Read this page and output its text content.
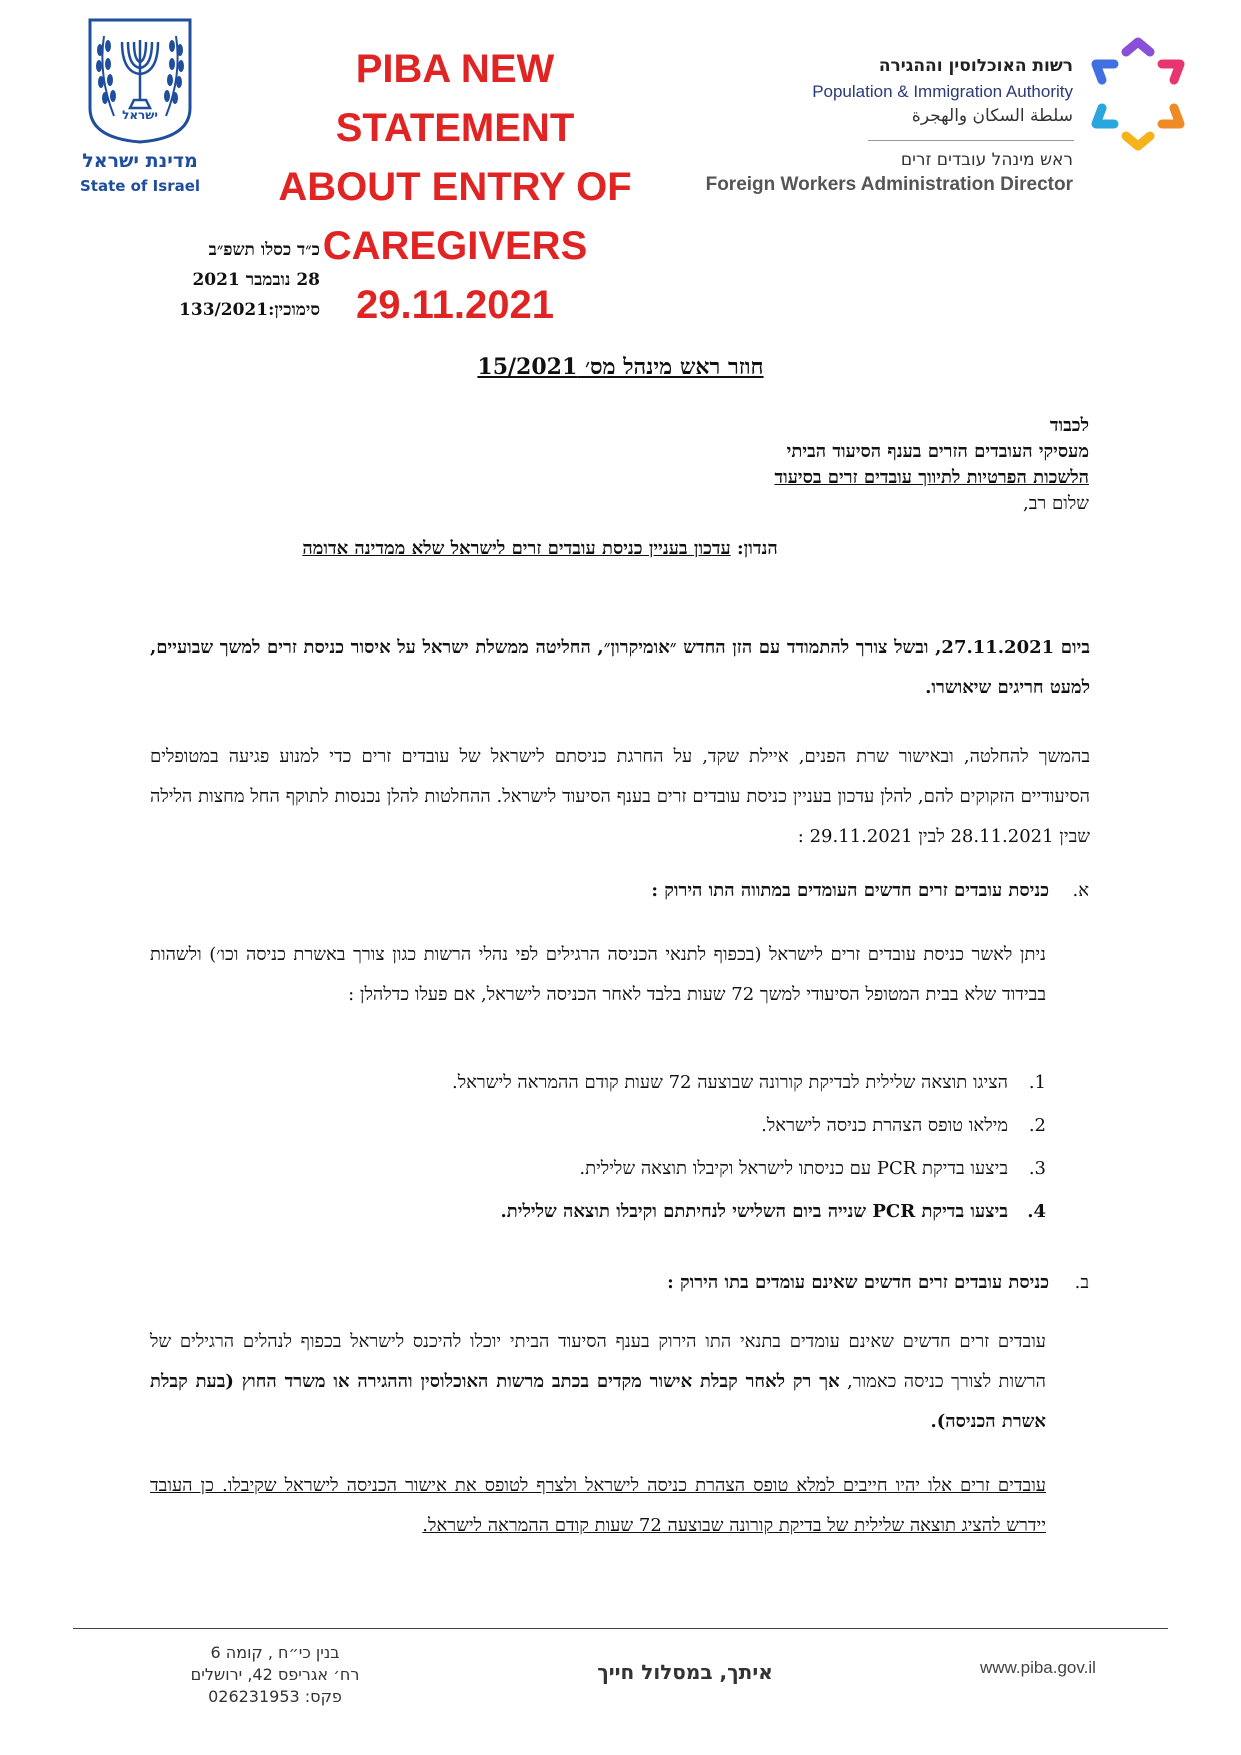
ישראל
מדינת ישראל
State of Israel
PIBA NEW
STATEMENT
ABOUT ENTRY OF
CAREGIVERS
29.11.2021
רשות האוכלוסין וההגירה
Population & Immigration Authority
سلطة السكان والهجرة
ראש מינהל עובדים זרים
Foreign Workers Administration Director
כ״ד כסלו תשפ״ב
28 נובמבר 2021
סימוכין:133/2021
חוזר ראש מינהל מס׳ 15/2021
לכבוד
מעסיקי העובדים הזרים בענף הסיעוד הביתי
הלשכות הפרטיות לתיווך עובדים זרים בסיעוד
שלום רב,
הנדון: עדכון בעניין כניסת עובדים זרים לישראל שלא ממדינה אדומה
ביום 27.11.2021, ובשל צורך להתמודד עם הזן החדש ״אומיקרון״, החליטה ממשלת ישראל על איסור כניסת זרים למשך שבועיים, למעט חריגים שיאושרו.
בהמשך להחלטה, ובאישור שרת הפנים, איילת שקד, על החרגת כניסתם לישראל של עובדים זרים כדי למנוע פגיעה במטופלים הסיעודיים הזקוקים להם, להלן עדכון בעניין כניסת עובדים זרים בענף הסיעוד לישראל. ההחלטות להלן נכנסות לתוקף החל מחצות הלילה שבין 28.11.2021 לבין 29.11.2021 :
א.כניסת עובדים זרים חדשים העומדים במתווה התו הירוק :
ניתן לאשר כניסת עובדים זרים לישראל (בכפוף לתנאי הכניסה הרגילים לפי נהלי הרשות כגון צורך באשרת כניסה וכו׳) ולשהות בבידוד שלא בבית המטופל הסיעודי למשך 72 שעות בלבד לאחר הכניסה לישראל, אם פעלו כדלהלן :
1.הציגו תוצאה שלילית לבדיקת קורונה שבוצעה 72 שעות קודם ההמראה לישראל.
2.מילאו טופס הצהרת כניסה לישראל.
3.ביצעו בדיקת PCR עם כניסתו לישראל וקיבלו תוצאה שלילית.
4.ביצעו בדיקת PCR שנייה ביום השלישי לנחיתתם וקיבלו תוצאה שלילית.
ב.כניסת עובדים זרים חדשים שאינם עומדים בתו הירוק :
עובדים זרים חדשים שאינם עומדים בתנאי התו הירוק בענף הסיעוד הביתי יוכלו להיכנס לישראל בכפוף לנהלים הרגילים של הרשות לצורך כניסה כאמור, אך רק לאחר קבלת אישור מקדים בכתב מרשות האוכלוסין וההגירה או משרד החוץ (בעת קבלת אשרת הכניסה).
עובדים זרים אלו יהיו חייבים למלא טופס הצהרת כניסה לישראל ולצרף לטופס את אישור הכניסה לישראל שקיבלו. כן העובד יידרש להציג תוצאה שלילית של בדיקת קורונה שבוצעה 72 שעות קודם ההמראה לישראל.
בנין כי״ח , קומה 6
רח׳ אגריפס 42, ירושלים
פקס: 026231953
איתך, במסלול חייך	www.piba.gov.il
